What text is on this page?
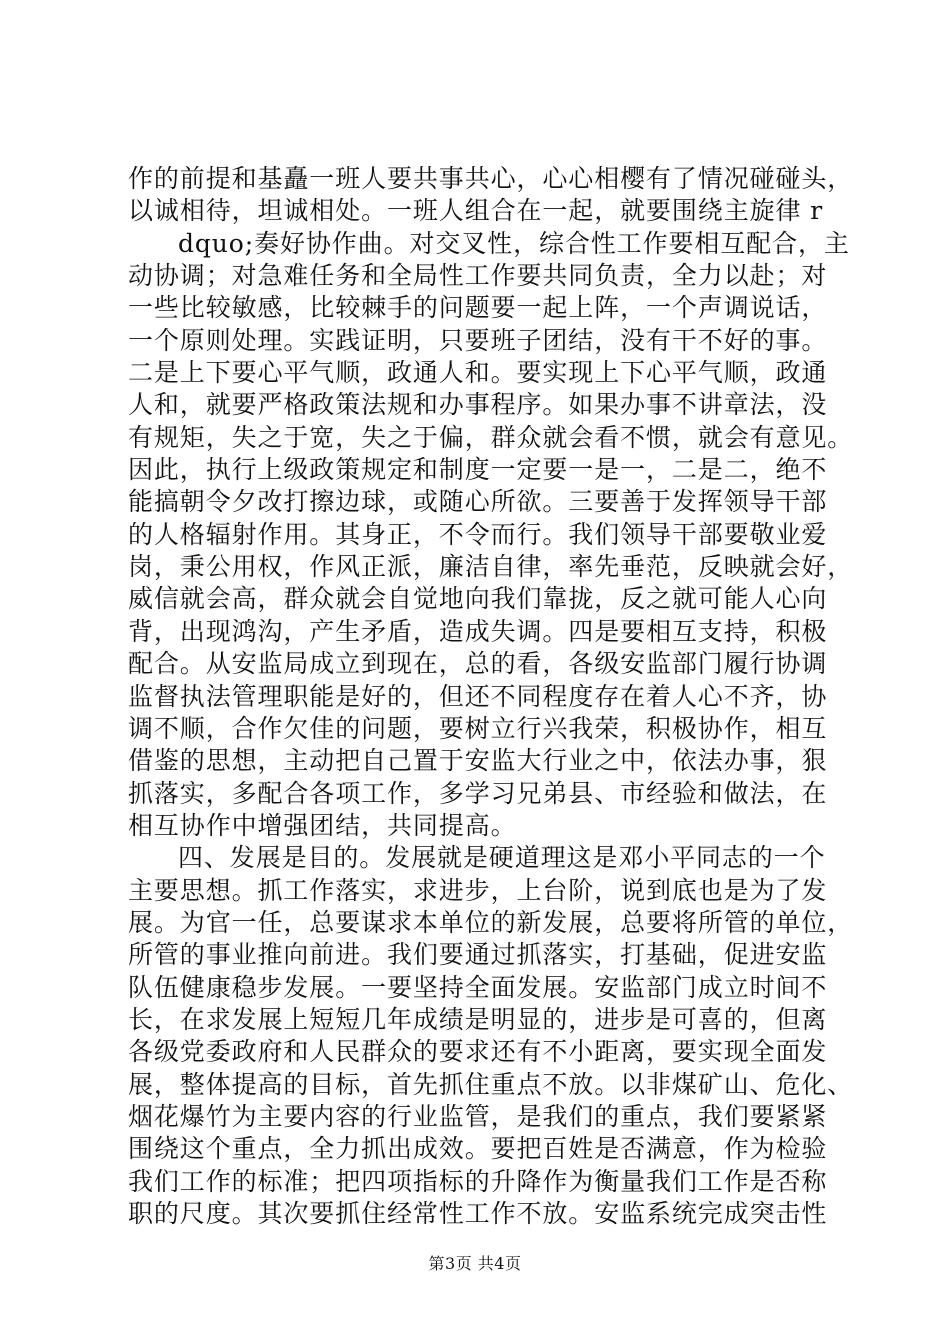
作的前提和基矗一班人要共事共心，心心相樱有了情况碰碰头，
以诚相待，坦诚相处。一班人组合在一起，就要围绕主旋律 r
dquo;奏好协作曲。对交叉性，综合性工作要相互配合，主
动协调；对急难任务和全局性工作要共同负责，全力以赴；对
一些比较敏感，比较棘手的问题要一起上阵，一个声调说话，
一个原则处理。实践证明，只要班子团结，没有干不好的事。
二是上下要心平气顺，政通人和。要实现上下心平气顺，政通
人和，就要严格政策法规和办事程序。如果办事不讲章法，没
有规矩，失之于宽，失之于偏，群众就会看不惯，就会有意见。
因此，执行上级政策规定和制度一定要一是一，二是二，绝不
能搞朝令夕改打擦边球，或随心所欲。三要善于发挥领导干部
的人格辐射作用。其身正，不令而行。我们领导干部要敬业爱
岗，秉公用权，作风正派，廉洁自律，率先垂范，反映就会好，
威信就会高，群众就会自觉地向我们靠拢，反之就可能人心向
背，出现鸿沟，产生矛盾，造成失调。四是要相互支持，积极
配合。从安监局成立到现在，总的看，各级安监部门履行协调
监督执法管理职能是好的，但还不同程度存在着人心不齐，协
调不顺，合作欠佳的问题，要树立行兴我荣，积极协作，相互
借鉴的思想，主动把自己置于安监大行业之中，依法办事，狠
抓落实，多配合各项工作，多学习兄弟县、市经验和做法，在
相互协作中增强团结，共同提高。
四、发展是目的。发展就是硬道理这是邓小平同志的一个
主要思想。抓工作落实，求进步，上台阶，说到底也是为了发
展。为官一任，总要谋求本单位的新发展，总要将所管的单位，
所管的事业推向前进。我们要通过抓落实，打基础，促进安监
队伍健康稳步发展。一要坚持全面发展。安监部门成立时间不
长，在求发展上短短几年成绩是明显的，进步是可喜的，但离
各级党委政府和人民群众的要求还有不小距离，要实现全面发
展，整体提高的目标，首先抓住重点不放。以非煤矿山、危化、
烟花爆竹为主要内容的行业监管，是我们的重点，我们要紧紧
围绕这个重点，全力抓出成效。要把百姓是否满意，作为检验
我们工作的标准；把四项指标的升降作为衡量我们工作是否称
职的尺度。其次要抓住经常性工作不放。安监系统完成突击性
第3页 共4页
